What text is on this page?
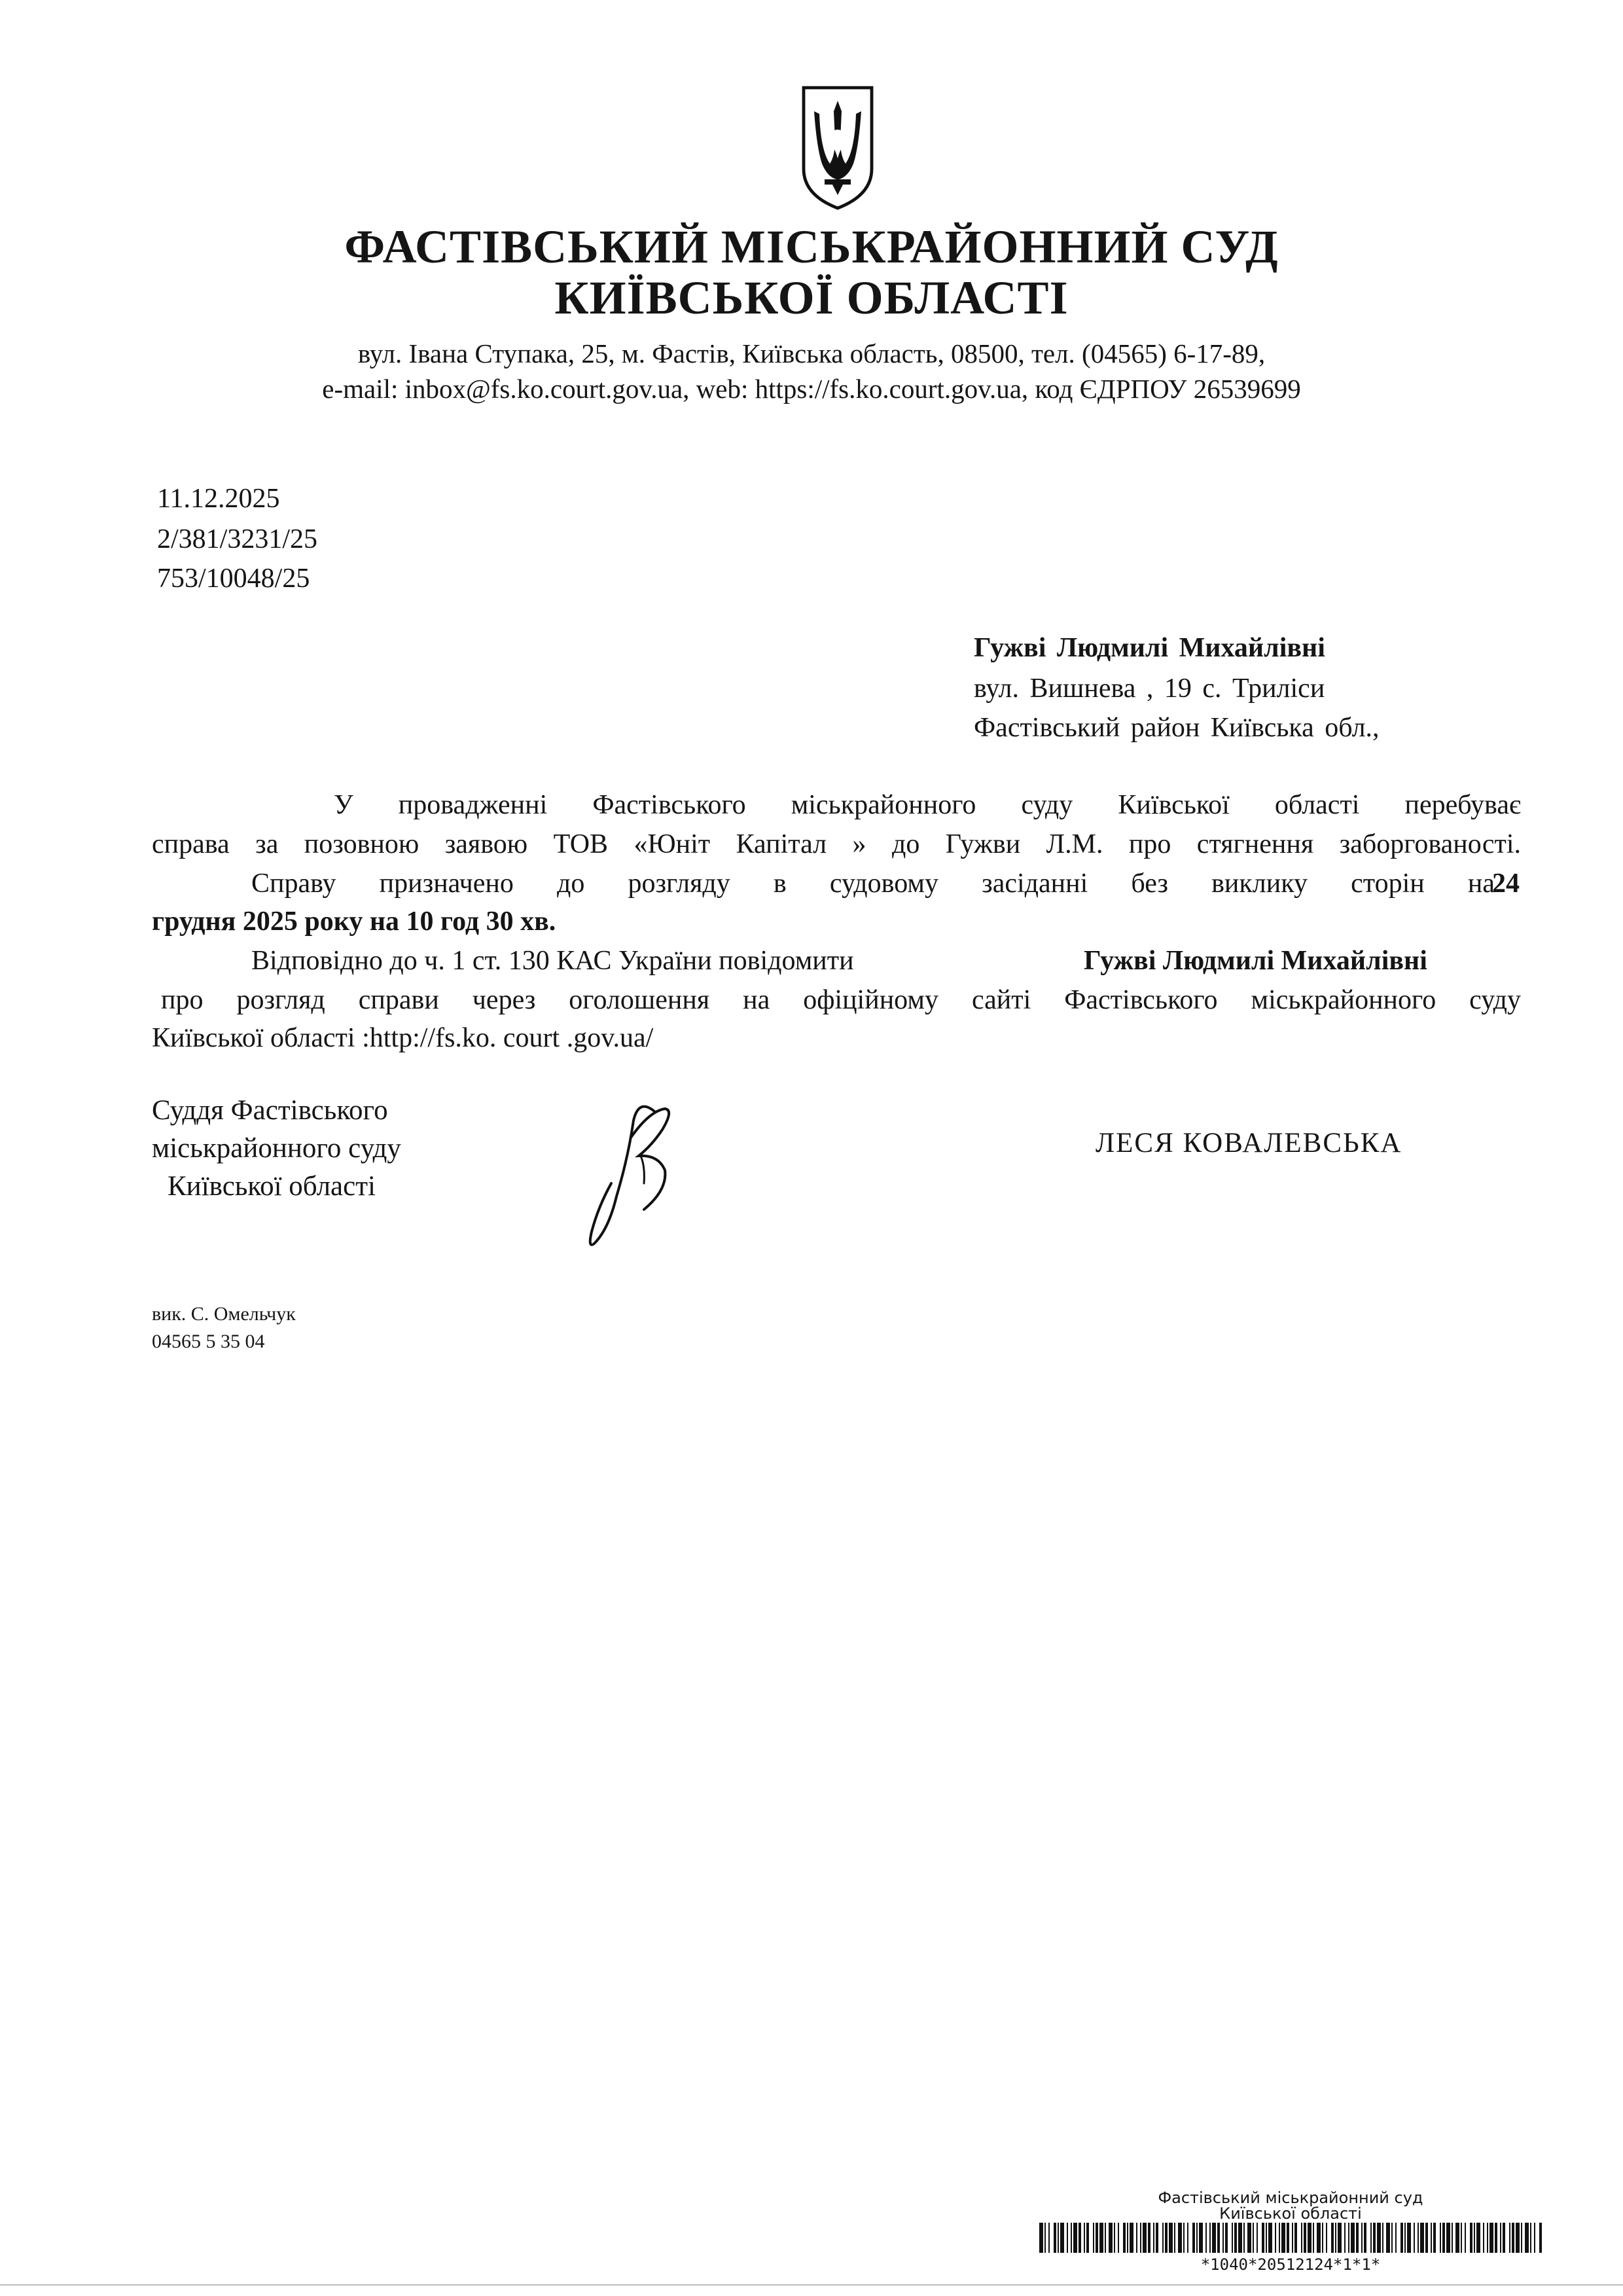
ФАСТІВСЬКИЙ МІСЬКРАЙОННИЙ СУД
КИЇВСЬКОЇ ОБЛАСТІ
вул. Івана Ступака, 25, м. Фастів, Київська область, 08500, тел. (04565) 6-17-89,
e-mail: inbox@fs.ko.court.gov.ua, web: https://fs.ko.court.gov.ua, код ЄДРПОУ 26539699
11.12.2025
2/381/3231/25
753/10048/25
Гужві Людмилі Михайлівні
вул. Вишнева , 19 с. Триліси
Фастівський район Київська обл.,
У провадженні Фастівського міськрайонного суду Київської області перебуває
справа за позовною заявою ТОВ «Юніт Капітал » до Гужви Л.М. про стягнення заборгованості.
Справу призначено до розгляду в судовому засіданні без виклику сторін на
24
грудня 2025 року на 10 год 30 хв.
Відповідно до ч. 1 ст. 130 КАС України повідомити	Гужві Людмилі Михайлівні
про розгляд справи через оголошення на офіційному сайті Фастівського міськрайонного суду
Київської області :http://fs.ko. court .gov.ua/
Суддя Фастівського
міськрайонного суду
Київської області
ЛЕСЯ КОВАЛЕВСЬКА
вик. С. Омельчук
04565 5 35 04
Фастівський міськрайонний суд
Київської області
*1040*20512124*1*1*
